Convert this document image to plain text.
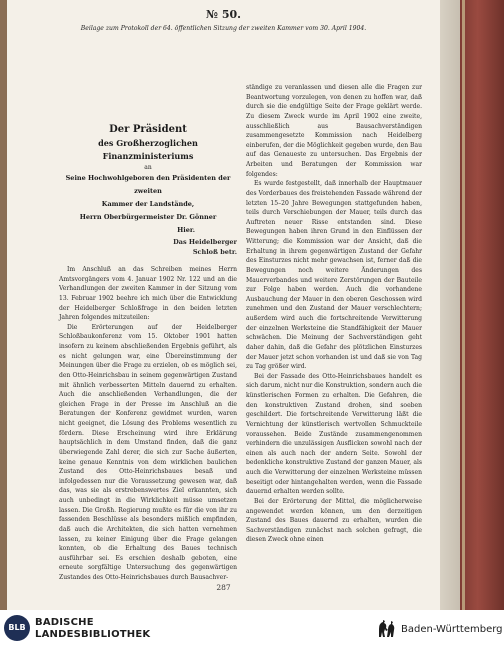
№ 50.
Beilage zum Protokoll der 64. öffentlichen Sitzung der zweiten Kammer vom 30. April 1904.
Der Präsident
des Großherzoglichen Finanzministeriums
an
Seine Hochwohlgeboren den Präsidenten der zweiten
Kammer der Landstände,
Herrn Oberbürgermeister Dr. Gönner
Hier.
Das Heidelberger
Schloß betr.

Im Anschluß an das Schreiben meines Herrn Amtsvorgängers vom 4. Januar 1902 Nr. 122 und an die Verhandlungen der zweiten Kammer in der Sitzung vom 13. Februar 1902 beehre ich mich über die Entwicklung der Heidelberger Schloßfrage in den beiden letzten Jahren folgendes mitzuteilen:

Die Erörterungen auf der Heidelberger Schloßbaukonferenz vom 15. Oktober 1901 hatten insofern zu keinem abschließenden Ergebnis geführt, als es nicht gelungen war, eine Übereinstimmung der Meinungen über die Frage zu erzielen, ob es möglich sei, den Otto-Heinrichsbau in seinem gegenwärtigen Zustand mit ähnlich verbesserten Mitteln dauernd zu erhalten. Auch die anschließenden Verhandlungen, die der gleichen Frage in der Presse im Anschluß an die Beratungen der Konferenz gewidmet wurden, waren nicht geeignet, die Lösung des Problems wesentlich zu fördern. Diese Erscheinung wird ihre Erklärung hauptsächlich in dem Umstand finden, daß die ganz überwiegende Zahl derer, die sich zur Sache äußerten, keine genaue Kenntnis von dem wirklichen baulichen Zustand des Otto-Heinrichsbaues besaß und infolgedessen nur die Voraussetzung gewesen war, daß das, was sie als erstrebenswertes Ziel erkannten, sich auch unbedingt in die Wirklichkeit müsse umsetzen lassen. Die Großh. Regierung mußte es für die von ihr zu fassenden Beschlüsse als besonders mißlich empfinden, daß auch die Architekten, die sich hatten vernehmen lassen, zu keiner Einigung über die Frage gelangen konnten, ob die Erhaltung des Baues technisch ausführbar sei. Es erschien deshalb geboten, eine erneute sorgfältige Untersuchung des gegenwärtigen Zustandes des Otto-Heinrichsbaues durch Bausachver-

ständige zu veranlassen und diesen alle die Fragen zur Beantwortung vorzulegen, von denen zu hoffen war, daß durch sie die endgültige Seite der Frage geklärt werde. Zu diesem Zweck wurde im April 1902 eine zweite, ausschließlich aus Bausachverständigen zusammengesetzte Kommission nach Heidelberg einberufen, der die Möglichkeit gegeben wurde, den Bau auf das Genaueste zu untersuchen. Das Ergebnis der Arbeiten und Beratungen der Kommission war folgendes:

Es wurde festgestellt, daß innerhalb der Hauptmauer des Vorderbaues des freistehenden Fassade während der letzten 15–20 Jahre Bewegungen stattgefunden haben, teils durch Verschiebungen der Mauer, teils durch das Auftreten neuer Risse entstanden sind. Diese Bewegungen haben ihren Grund in den Einflüssen der Witterung; die Kommission war der Ansicht, daß die Erhaltung in ihrem gegenwärtigen Zustand der Gefahr des Einsturzes nicht mehr gewachsen ist, ferner daß die Bewegungen noch weitere Änderungen des Mauerverbandes und weitere Zerstörungen der Bauteile zur Folge haben werden. Auch die vorhandene Ausbauchung der Mauer in den oberen Geschossen wird zunehmen und den Zustand der Mauer verschlechtern; außerdem wird auch die fortschreitende Verwitterung der einzelnen Werksteine die Standfähigkeit der Mauer schwächen. Die Meinung der Sachverständigen geht daher dahin, daß die Gefahr des plötzlichen Einsturzes der Mauer jetzt schon vorhanden ist und daß sie von Tag zu Tag größer wird.

Bei der Fassade des Otto-Heinrichsbaues handelt es sich darum, nicht nur die Konstruktion, sondern auch die künstlerischen Formen zu erhalten. Die Gefahren, die den konstruktiven Zustand drohen, sind soeben geschildert. Die fortschreitende Verwitterung läßt die Vernichtung der künstlerisch wertvollen Schmuckteile voraussehen. Beide Zustände zusammengenommen verhindern die unzulässigen Ausflicken sowohl nach der einen als auch nach der andern Seite. Sowohl der bedenkliche konstruktive Zustand der ganzen Mauer, als auch die Verwitterung der einzelnen Werksteine müssen beseitigt oder hintangehalten werden, wenn die Fassade dauernd erhalten werden sollte.

Bei der Erörterung der Mittel, die möglicherweise angewendet werden können, um den derzeitigen Zustand des Baues dauernd zu erhalten, wurden die Sachverständigen zunächst nach solchen gefragt, die diesen Zweck ohne einen

287
BLB BADISCHE
LANDESBIBLIOTHEK	Baden-Württemberg
